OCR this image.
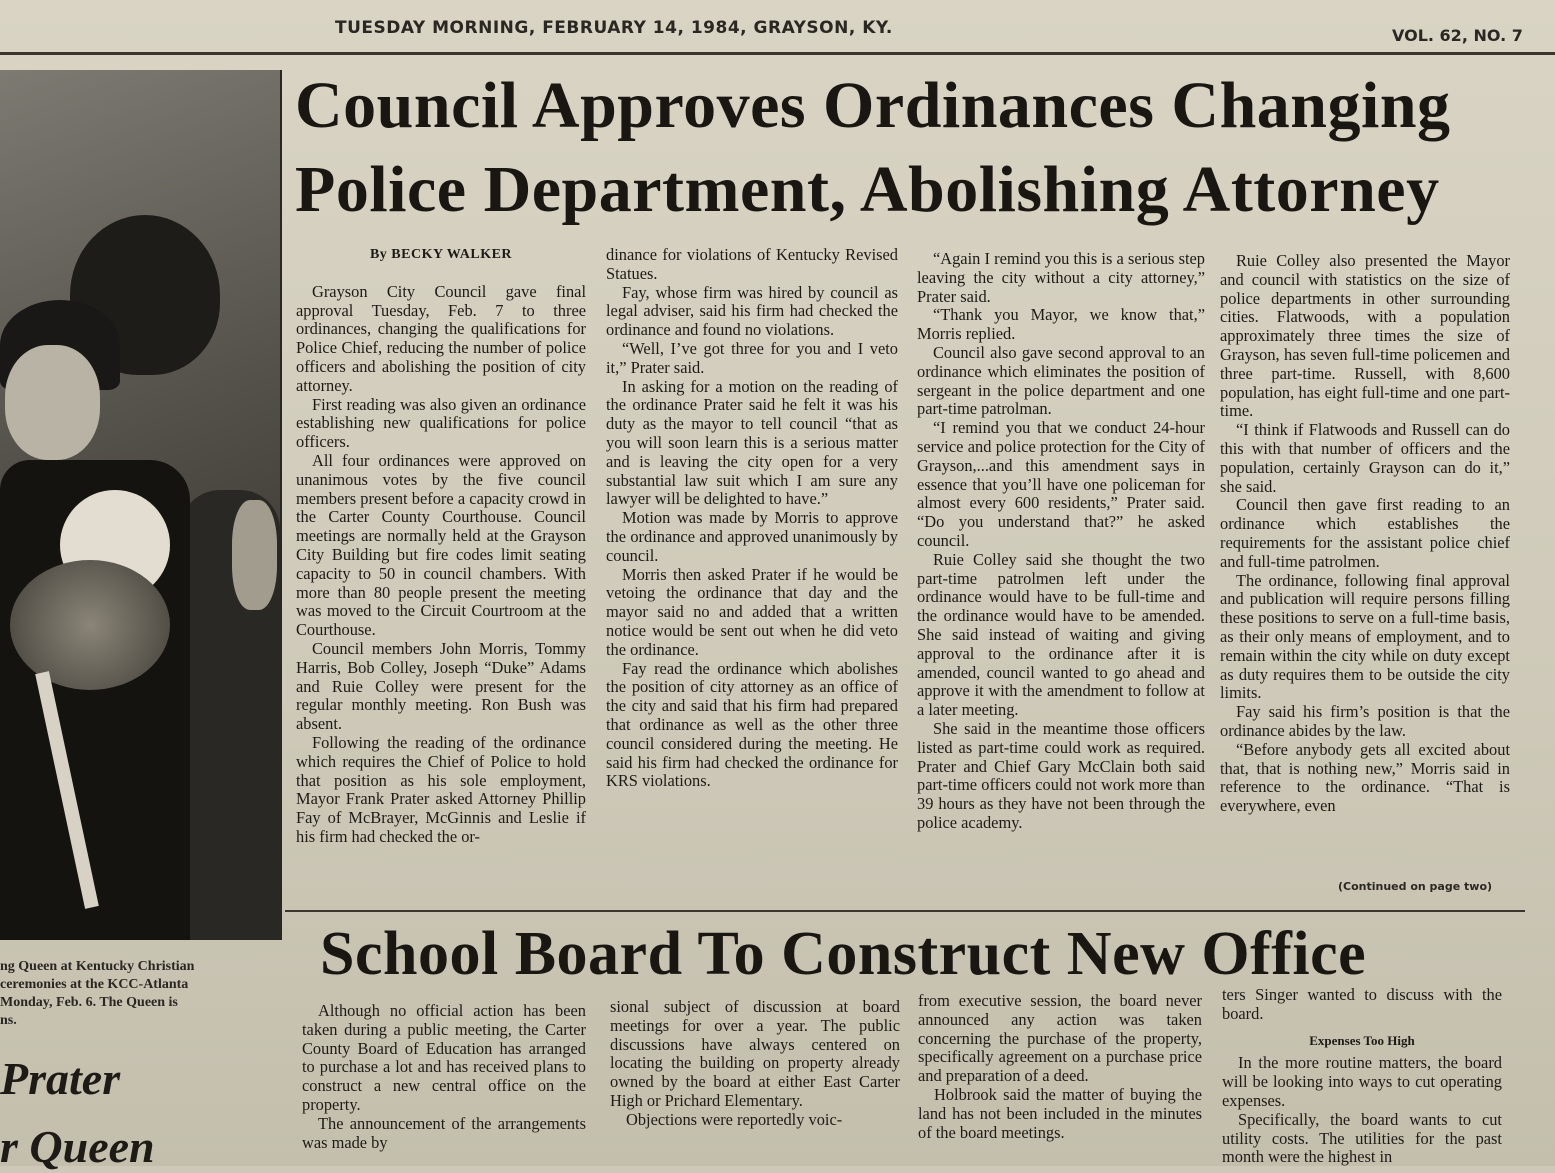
TUESDAY MORNING, FEBRUARY 14, 1984, GRAYSON, KY.	VOL. 62, NO. 7
Council Approves Ordinances Changing
Police Department, Abolishing Attorney

By BECKY WALKER

Grayson City Council gave final approval Tuesday, Feb. 7 to three ordinances, changing the qualifications for Police Chief, reducing the number of police officers and abolishing the position of city attorney.

First reading was also given an ordinance establishing new qualifications for police officers.

All four ordinances were approved on unanimous votes by the five council members present before a capacity crowd in the Carter County Courthouse. Council meetings are normally held at the Grayson City Building but fire codes limit seating capacity to 50 in council chambers. With more than 80 people present the meeting was moved to the Circuit Courtroom at the Courthouse.

Council members John Morris, Tommy Harris, Bob Colley, Joseph “Duke” Adams and Ruie Colley were present for the regular monthly meeting. Ron Bush was absent.

Following the reading of the ordinance which requires the Chief of Police to hold that position as his sole employment, Mayor Frank Prater asked Attorney Phillip Fay of McBrayer, McGinnis and Leslie if his firm had checked the or-

dinance for violations of Kentucky Revised Statues.

Fay, whose firm was hired by council as legal adviser, said his firm had checked the ordinance and found no violations.

“Well, I’ve got three for you and I veto it,” Prater said.

In asking for a motion on the reading of the ordinance Prater said he felt it was his duty as the mayor to tell council “that as you will soon learn this is a serious matter and is leaving the city open for a very substantial law suit which I am sure any lawyer will be delighted to have.”

Motion was made by Morris to approve the ordinance and approved unanimously by council.

Morris then asked Prater if he would be vetoing the ordinance that day and the mayor said no and added that a written notice would be sent out when he did veto the ordinance.

Fay read the ordinance which abolishes the position of city attorney as an office of the city and said that his firm had prepared that ordinance as well as the other three council considered during the meeting. He said his firm had checked the ordinance for KRS violations.

“Again I remind you this is a serious step leaving the city without a city attorney,” Prater said.

“Thank you Mayor, we know that,” Morris replied.

Council also gave second approval to an ordinance which eliminates the position of sergeant in the police department and one part-time patrolman.

“I remind you that we conduct 24-hour service and police protection for the City of Grayson,...and this amendment says in essence that you’ll have one policeman for almost every 600 residents,” Prater said. “Do you understand that?” he asked council.

Ruie Colley said she thought the two part-time patrolmen left under the ordinance would have to be full-time and the ordinance would have to be amended. She said instead of waiting and giving approval to the ordinance after it is amended, council wanted to go ahead and approve it with the amendment to follow at a later meeting.

She said in the meantime those officers listed as part-time could work as required. Prater and Chief Gary McClain both said part-time officers could not work more than 39 hours as they have not been through the police academy.

Ruie Colley also presented the Mayor and council with statistics on the size of police departments in other surrounding cities. Flatwoods, with a population approximately three times the size of Grayson, has seven full-time policemen and three part-time. Russell, with 8,600 population, has eight full-time and one part-time.

“I think if Flatwoods and Russell can do this with that number of officers and the population, certainly Grayson can do it,” she said.

Council then gave first reading to an ordinance which establishes the requirements for the assistant police chief and full-time patrolmen.

The ordinance, following final approval and publication will require persons filling these positions to serve on a full-time basis, as their only means of employment, and to remain within the city while on duty except as duty requires them to be outside the city limits.

Fay said his firm’s position is that the ordinance abides by the law.

“Before anybody gets all excited about that, that is nothing new,” Morris said in reference to the ordinance. “That is everywhere, even

(Continued on page two)

ng Queen at Kentucky Christian

ceremonies at the KCC-Atlanta

Monday, Feb. 6. The Queen is

ns.

Prater
r Queen
School Board To Construct New Office

Although no official action has been taken during a public meeting, the Carter County Board of Education has arranged to purchase a lot and has received plans to construct a new central office on the property.

The announcement of the arrangements was made by

sional subject of discussion at board meetings for over a year. The public discussions have always centered on locating the building on property already owned by the board at either East Carter High or Prichard Elementary.

Objections were reportedly voic-

from executive session, the board never announced any action was taken concerning the purchase of the property, specifically agreement on a purchase price and preparation of a deed.

Holbrook said the matter of buying the land has not been included in the minutes of the board meetings.

ters Singer wanted to discuss with the board.

Expenses Too High

In the more routine matters, the board will be looking into ways to cut operating expenses.

Specifically, the board wants to cut utility costs. The utilities for the past month were the highest in
